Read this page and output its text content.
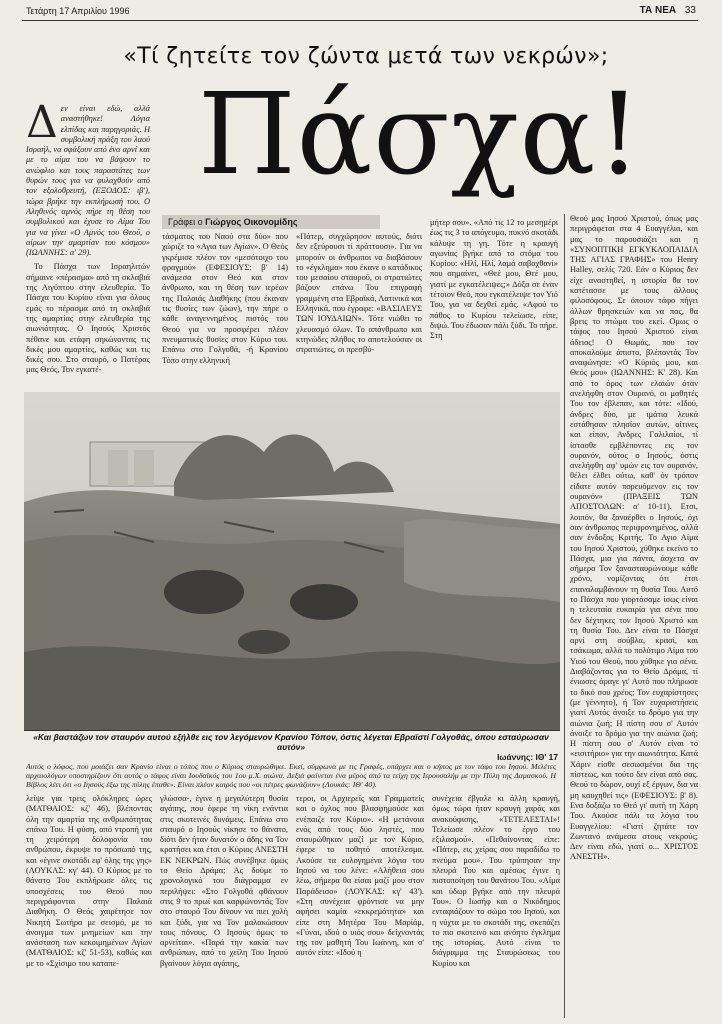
Τετάρτη 17 Απριλίου 1996	ΤΑ ΝΕΑ 33
«Τί ζητείτε τον ζώντα μετά των νεκρών»;
Πάσχα!
Δ εν είναι εδώ, αλλά αναστήθηκε! Λόγια ελπίδας και παρηγοριάς. Η συμβολική πράξη του λαού Ισραήλ, να σφάξουν από ένα αρνί και με το αίμα του να βάψουν το ανώφλιο και τους παραστάτες των θυρών τους για να φυλαχθούν από τον εξολοθρευτή, (ΕΞΟΔΟΣ: ιβ'), τώρα βρήκε την εκπλήρωσή του. Ο Αληθινός αμνός πήρε τη θέση του συμβολικού και έχυσε το Αίμα Του για να γίνει «Ο Αμνός του Θεού, ο αίρων την αμαρτίαν του κόσμου» (ΙΩΑΝΝΗΣ: α' 29).

Το Πάσχα των Ισραηλιτών σήμαινε «πέρασμα» από τη σκλαβιά της Αιγύπτου στην ελευθερία. Το Πάσχα του Κυρίου είναι για όλους εμάς το πέρασμα από τη σκλαβιά της αμαρτίας στην ελευθερία της αιωνιότητας. Ο Ιησούς Χριστός πέθανε και ετάφη σηκώνοντας τις δικές μου αμαρτίες, καθώς και τις δικές σου. Στο σταυρό, ο Πατέρας μας Θεός, Τον εγκατέ-

Γράφει ο Γιώργος Οικονομίδης
τάσματος του Ναού στα δύο» που χώριζε το «Αγια των Αγίων». Ο Θεός γκρέμισε πλέον τον «μεσότοιχο του φραγμού» (ΕΦΕΣΙΟΥΣ: β' 14) ανάμεσα στον Θεό και στον άνθρωπο, και τη θέση των ιερέων της Παλαιάς Διαθήκης (που έκαναν τις θυσίες των ζώων), την πήρε ο κάθε αναγεννημένος πιστός του Θεού για να προσφέρει πλέον πνευματικές θυσίες στον Κύριο του. Επάνω στο Γολγοθά, -ή Κρανίου Τόπο στην ελληνική
«Πάτερ, συγχώρησον αυτούς, διότι δεν εξεύρουσι τί πράττουσι». Για να μπορούν οι άνθρωποι να διαβάσουν το «έγκλημα» που έκανε ο κατάδικος του μεσαίου σταυρού, οι στρατιώτες βάζουν επάνω Του επιγραφή γραμμένη στα Εβραϊκά, Λατινικά και Ελληνικά, που έγραφε: «ΒΑΣΙΛΕΥΣ ΤΩΝ ΙΟΥΔΑΙΩΝ». Τότε νιώθει το χλευασμό όλων. Το απάνθρωπο και κτηνώδες πλήθος το αποτελούσαν οι στρατιώτες, οι πρεσβύ-
μήτερ σου». «Από τις 12 το μεσημέρι έως τις 3 το απόγευμα, πυκνό σκοτάδι κάλυψε τη γη. Τότε η κραυγή αγωνίας βγήκε από το στόμα του Κυρίου: «Ηλί, Ηλί, λαμά σαβαχθανί» που σημαίνει, «Θεέ μου, Θεέ μου, γιατί με εγκατέλειψες;» Δόξα σε έναν τέτοιον Θεό, που εγκατέλειψε τον Υιό Του, για να δεχθεί εμάς. «Αφού το πάθος το Κυρίου τελείωσε, είπε, διψώ. Του έδωσαν πάλι ξύδι. Το πήρε. Στη
«Και βαστάζων τον σταυρόν αυτού εξήλθε εις τον λεγόμενον Κρανίου Τόπον, όστις λέγεται Εβραϊστί Γολγοθάς, όπου εσταύρωσαν αυτόν»
Ιωάννης: ΙΘ' 17
Αυτός ο λόφος, που μοιάζει σαν Κρανίο είναι ο τόπος που ο Κύριος σταυρώθηκε. Εκεί, σύμφωνα με τις Γραφές, υπάρχει και ο κήπος με τον τάφο του Ιησού. Μελέτες αρχαιολόγων υποστηρίζουν ότι αυτός ο τάφος είναι Ιουδαϊκός του 1ου μ.Χ. αιώνα. Δεξιά φαίνεται ένα μέρος από τα τείχη της Ιερουσαλήμ με την Πύλη της Δαμασκού. Η Βίβλος λέει ότι «ο Ιησούς έξω της πύλης έπαθε». Είναι πλέον καιρός που «οι πέτρες φωνάζουν» (Λουκάς: ΙΘ' 40).
λείψε για τρεις ολόκληρες ώρες (ΜΑΤΘΑΙΟΣ: κζ' 46), βλέποντας όλη την αμαρτία της ανθρωπότητας επάνω Του. Η φύση, από ντροπή για τη χειρότερη δολοφονία του ανθρώπου, έκρυψε το πρόσωπό της, και «έγινε σκοτάδι εφ' όλης της γης» (ΛΟΥΚΑΣ: κγ' 44). Ο Κύριος με το θάνατο Του εκπλήρωσε όλες τις υποσχέσεις του Θεού που περιγράφονται στην Παλαιά Διαθήκη. Ο Θεός χαιρέτησε τον Νικητή Σωτήρα με σεισμό, με το άνοιγμα των μνημείων και την ανάσταση των κεκοιμημένων Αγίων (ΜΑΤΘΑΙΟΣ: κζ' 51-53), καθώς και με το «Σχίσιμο του καταπε-
γλώσσα-, έγινε η μεγαλύτερη θυσία αγάπης, που έφερε τη νίκη ενάντια στις σκοτεινές δυνάμεις. Επάνω στο σταυρό ο Ιησούς νίκησε το θάνατο, διότι δεν ήταν δυνατόν ο άδης να Τον κρατήσει και έτσι ο Κύριος ΑΝΕΣΤΗ ΕΚ ΝΕΚΡΩΝ. Πώς συνέβηκε όμως το Θείο Δράμα; Ας δούμε το χρονολογικό του διάγραμμα εν περιλήψει: «Στο Γολγοθά φθάνουν στις 9 το πρωί και καρφώνοντάς Τον στο σταυρό Του δίνουν να πιει χολή και ξύδι, για να Τον μαλακώσουν τους πόνους. Ο Ιησούς όμως το αρνείται». «Παρά την κακία των ανθρώπων, από το χείλη Του Ιησού βγαίνουν λόγια αγάπης,
τεροι, οι Αρχιερείς και Γραμματείς και ο όχλος που βλασφημούσε και ενέπαιζε τον Κύριο». «Η μετάνοια ενός από τους δύο ληστές, που σταυρώθηκαν μαζί με τον Κύριο, έφερε το ποθητό αποτέλεσμα. Ακούσε τα ευλογημένα λόγια του Ιησού να του λένε: «Αλήθεια σου λέω, σήμερα θα είσαι μαζί μου στον Παράδεισο» (ΛΟΥΚΑΣ: κγ' 43'). «Στη συνέχεια φρόντισε να μην αφήσει καμία «εκκρεμότητα» και είπε στη Μητέρα Του Μαρίάμ, «Γύναι, ιδού ο υιός σου» δείχνοντάς της τον μαθητή Του Ιωάννη, και σ' αυτόν είπε: «Ιδού η
συνέχεια έβγαλε κι άλλη κραυγή, όμως τώρα ήταν κραυγή χαράς και ανακούφισης, «ΤΕΤΕΛΕΣΤΑΙ»! Τελείωσε πλέον το έργο του εξιλασμού». «Πεθαίνοντας είπε: «Πάτερ, εις χείρας σου παραδίδω το πνεύμα μου». Του τρύπησαν την πλευρά Του και αμέσως έγινε η πιστοποίηση του θανάτου Του. «Αίμα και ύδωρ βγήκε από την πλευρά Του». Ο Ιωσήφ και ο Νικόδημος ενταφιάζουν το σώμα του Ιησού, και η νύχτα με το σκοτάδι της, σκεπάζει το πιο σκοτεινό και ανόητο έγκλημα της ιστορίας. Αυτό είναι το διάγραμμα της Σταυρώσεως του Κυρίου και
Θεού μας Ιησού Χριστού, όπως μας περιγράφεται στα 4 Ευαγγέλια, και μας το παρουσιάζει και η «ΣΥΝΟΠΤΙΚΗ ΕΓΚΥΚΛΟΠΑΙΔΙΑ ΤΗΣ ΑΓΙΑΣ ΓΡΑΦΗΣ» του Henry Halley, σελίς 720. Εάν ο Κύριος δεν είχε αναστηθεί, η ιστορία θα τον κατέτασσε με τους άλλους φιλοσόφους. Σε όποιον τάφο πήγει άλλων θρησκειών και να πας, θα βρεις το πτώμα του εκεί. Ομως ο τάφος του Ιησού Χριστού είναι άδειος! Ο Θωμάς, που τον αποκαλούμε άπιστο, βλέποντάς Τον αναφώνησε: «Ο Κύριός μου, και Θεός μου» (ΙΩΑΝΝΗΣ: Κ' 28). Και από το όρος των ελαιών όταν ανελήφθη στον Ουρανό, οι μαθητές Του τον έβλεπαν, και τότε: «Ιδού, άνδρες δύο, με ιμάτια λευκά εστάθησαν πλησίον αυτών, οίτινες και είπον, Ανδρες Γαλιλαίοι, τί ίστασθε εμβλέποντες εις τον ουρανόν, ούτος ο Ιησούς, όστις ανελήφθη αφ' υμών εις τον ουρανόν, θέλει έλθει ούτω, καθ' όν τρόπον είδατε αυτόν πορευόμενον εις τον ουρανόν» (ΠΡΑΞΕΙΣ ΤΩΝ ΑΠΟΣΤΟΛΩΝ: α' 10-11). Ετσι, λοιπόν, θα ξαναέρθει ο Ιησούς, όχι σαν άνθρωπος περιφρονημένος, αλλά σαν ένδοξος Κριτής. Το Αγιο Αίμα του Ιησού Χριστού, χύθηκε εκείνο το Πάσχα, μια για πάντα, άσχετα αν σήμερα Τον ξανασταυρώνουμε κάθε χρόνο, νομίζοντας ότι έτσι επαναλαμβάνουν τη θυσία Του. Αυτό το Πάσχα που γιορτάσαμε ίσως είναι η τελευταία ευκαιρία για σένα που δεν δέχτηκες τον Ιησού Χριστό και τη θυσία Του. Δεν είναι το Πάσχα αρνί στη σούβλα, κρασί, και τσάκωμα, αλλά το πολύτιμο Αίμα του Υιού του Θεού, που χύθηκε για σένα. Διαβάζοντας για το Θείο Δράμα, τί ένιωσες άραγε γι' Αυτό που πλήρωσε το δικό σου χρέος; Τον ευχαρίστησες (με γέννητο), ή Τον ευχαριστήσεις γιατί Αυτός άνοιξε το δρόμο για την αιώνια ζωή; Η πίστη σου σ' Αυτόν άνοιξε το δρόμο για την αιώνια ζωή; Η πίστη σου σ' Αυτόν είναι το «εισιτήριο» για την αιωνιότητα. Κατά Χάριν είσθε σεσωσμένοι δια της πίστεως, και τούτο δεν είναι από σας. Θεού το δώρον, ουχί εξ έργων, δια να μη καυχηθεί τις» (ΕΦΕΣΙΟΥΣ: β' 8). Ενα δοξάζω το Θεό γι' αυτή τη Χάρη Του. Ακούσε πάλι τα λόγια του Ευαγγελίου: «Γιατί ζητάτε τον Ζωντανό ανάμεσα στους νεκρούς; Δεν είναι εδώ, γιατί ο... ΧΡΙΣΤΟΣ ΑΝΕΣΤΗ».
